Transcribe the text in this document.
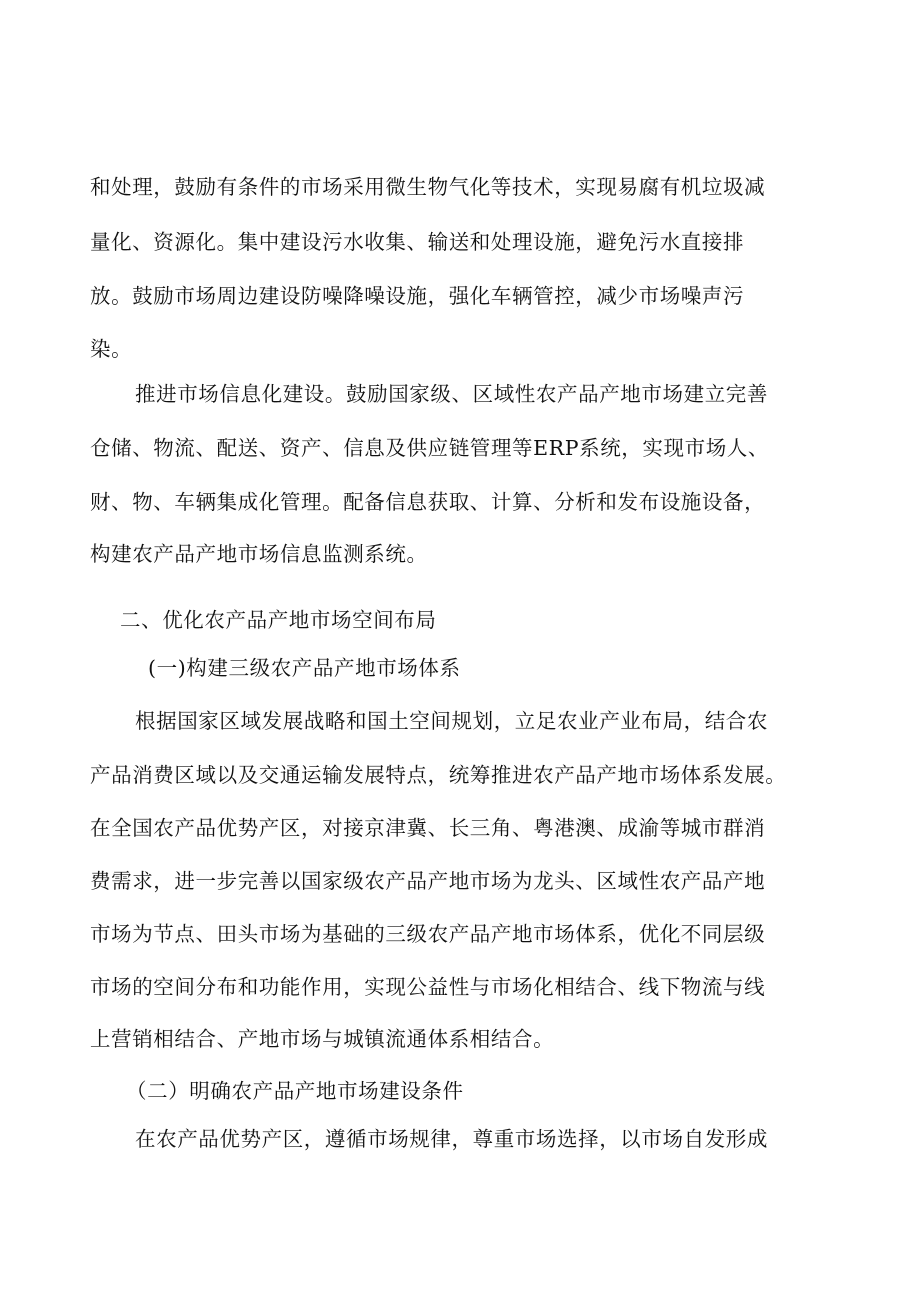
和处理，鼓励有条件的市场采用微生物气化等技术，实现易腐有机垃圾减
量化、资源化。集中建设污水收集、输送和处理设施，避免污水直接排
放。鼓励市场周边建设防噪降噪设施，强化车辆管控，减少市场噪声污
染。
推进市场信息化建设。鼓励国家级、区域性农产品产地市场建立完善
仓储、物流、配送、资产、信息及供应链管理等ERP系统，实现市场人、
财、物、车辆集成化管理。配备信息获取、计算、分析和发布设施设备，
构建农产品产地市场信息监测系统。
二、优化农产品产地市场空间布局
(一)构建三级农产品产地市场体系
根据国家区域发展战略和国土空间规划，立足农业产业布局，结合农
产品消费区域以及交通运输发展特点，统筹推进农产品产地市场体系发展。
在全国农产品优势产区，对接京津冀、长三角、粤港澳、成渝等城市群消
费需求，进一步完善以国家级农产品产地市场为龙头、区域性农产品产地
市场为节点、田头市场为基础的三级农产品产地市场体系，优化不同层级
市场的空间分布和功能作用，实现公益性与市场化相结合、线下物流与线
上营销相结合、产地市场与城镇流通体系相结合。
（二）明确农产品产地市场建设条件
在农产品优势产区，遵循市场规律，尊重市场选择，以市场自发形成
